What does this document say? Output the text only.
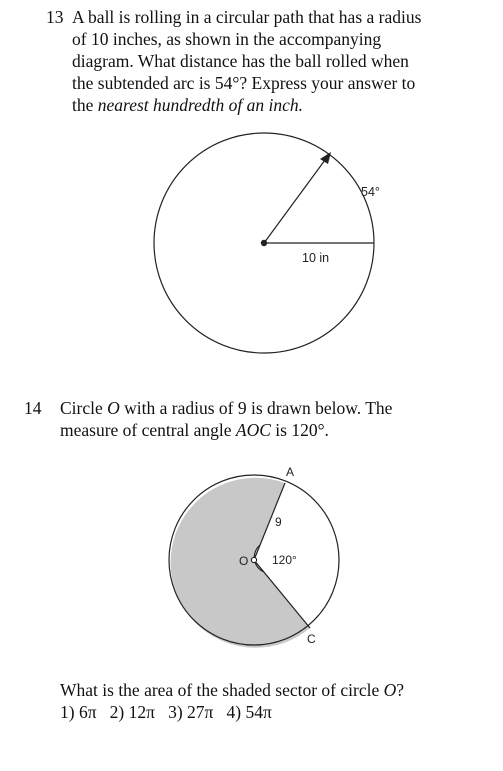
13 A ball is rolling in a circular path that has a radius
of 10 inches, as shown in the accompanying
diagram. What distance has the ball rolled when
the subtended arc is 54°? Express your answer to
the nearest hundredth of an inch.
54°
10 in
14 Circle O with a radius of 9 is drawn below. The
measure of central angle AOC is 120°.
A
O
C
9
120°
What is the area of the shaded sector of circle O?
1) 6π 2) 12π 3) 27π 4) 54π
